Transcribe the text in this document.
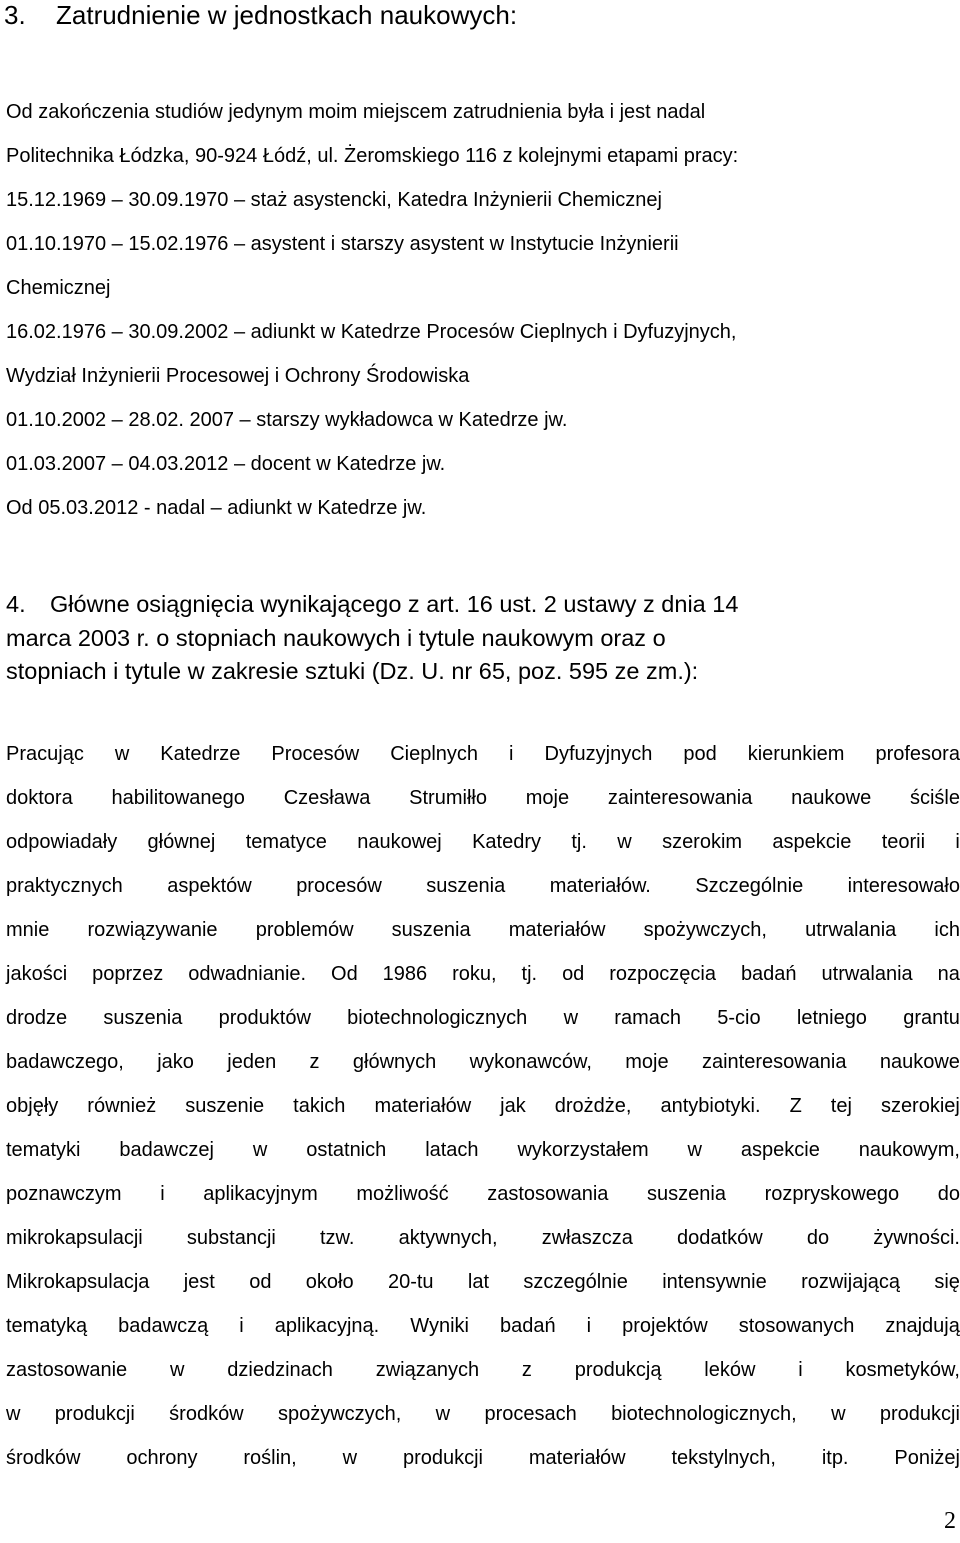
3. Zatrudnienie w jednostkach naukowych:
Od zakończenia studiów jedynym moim miejscem zatrudnienia była i jest nadal
Politechnika Łódzka, 90-924 Łódź, ul. Żeromskiego 116 z kolejnymi etapami pracy:
15.12.1969 – 30.09.1970 – staż asystencki, Katedra Inżynierii Chemicznej
01.10.1970 – 15.02.1976 – asystent i starszy asystent w Instytucie Inżynierii
Chemicznej
16.02.1976 – 30.09.2002 – adiunkt w Katedrze Procesów Cieplnych i Dyfuzyjnych,
Wydział Inżynierii Procesowej i Ochrony Środowiska
01.10.2002 – 28.02. 2007 – starszy wykładowca w Katedrze jw.
01.03.2007 – 04.03.2012 – docent w Katedrze jw.
Od 05.03.2012 - nadal – adiunkt w Katedrze jw.
4. Główne osiągnięcia wynikającego z art. 16 ust. 2 ustawy z dnia 14
marca 2003 r. o stopniach naukowych i tytule naukowym oraz o
stopniach i tytule w zakresie sztuki (Dz. U. nr 65, poz. 595 ze zm.):
Pracując w Katedrze Procesów Cieplnych i Dyfuzyjnych pod kierunkiem profesora
doktora habilitowanego Czesława Strumiłło moje zainteresowania naukowe ściśle
odpowiadały głównej tematyce naukowej Katedry tj. w szerokim aspekcie teorii i
praktycznych aspektów procesów suszenia materiałów. Szczególnie interesowało
mnie rozwiązywanie problemów suszenia materiałów spożywczych, utrwalania ich
jakości poprzez odwadnianie. Od 1986 roku, tj. od rozpoczęcia badań utrwalania na
drodze suszenia produktów biotechnologicznych w ramach 5-cio letniego grantu
badawczego, jako jeden z głównych wykonawców, moje zainteresowania naukowe
objęły również suszenie takich materiałów jak drożdże, antybiotyki. Z tej szerokiej
tematyki badawczej w ostatnich latach wykorzystałem w aspekcie naukowym,
poznawczym i aplikacyjnym możliwość zastosowania suszenia rozpryskowego do
mikrokapsulacji substancji tzw. aktywnych, zwłaszcza dodatków do żywności.
Mikrokapsulacja jest od około 20-tu lat szczególnie intensywnie rozwijającą się
tematyką badawczą i aplikacyjną. Wyniki badań i projektów stosowanych znajdują
zastosowanie w dziedzinach związanych z produkcją leków i kosmetyków,
w produkcji środków spożywczych, w procesach biotechnologicznych, w produkcji
środków ochrony roślin, w produkcji materiałów tekstylnych, itp. Poniżej
2
